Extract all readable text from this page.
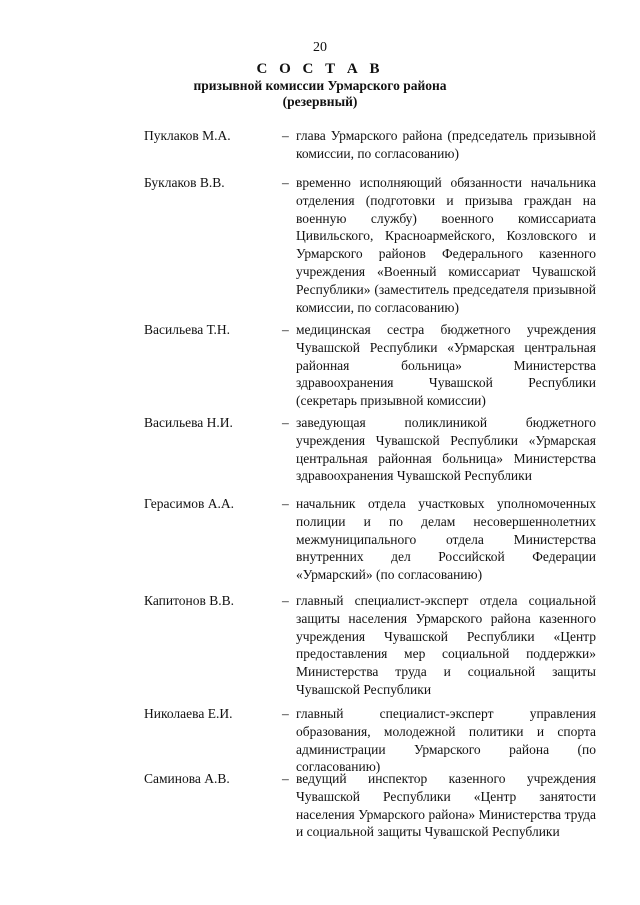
20
С О С Т А В
призывной комиссии Урмарского района
(резервный)
Пуклаков М.А.	– глава Урмарского района (председатель призывной комиссии, по согласованию)
Буклаков В.В.	– временно исполняющий обязанности начальника отделения (подготовки и призыва граждан на военную службу) военного комиссариата Цивильского, Красноармейского, Козловского и Урмарского районов Федерального казенного учреждения «Военный комиссариат Чувашской Республики» (заместитель председателя призывной комиссии, по согласованию)
Васильева Т.Н.	– медицинская сестра бюджетного учреждения Чувашской Республики «Урмарская центральная районная больница» Министерства здравоохранения Чувашской Республики (секретарь призывной комиссии)
Васильева Н.И.	– заведующая поликлиникой бюджетного учреждения Чувашской Республики «Урмарская центральная районная больница» Министерства здравоохранения Чувашской Республики
Герасимов А.А.	– начальник отдела участковых уполномоченных полиции и по делам несовершеннолетних межмуниципального отдела Министерства внутренних дел Российской Федерации «Урмарский» (по согласованию)
Капитонов В.В.	– главный специалист-эксперт отдела социальной защиты населения Урмарского района казенного учреждения Чувашской Республики «Центр предоставления мер социальной поддержки» Министерства труда и социальной защиты Чувашской Республики
Николаева Е.И.	– главный специалист-эксперт управления образования, молодежной политики и спорта администрации Урмарского района (по согласованию)
Саминова А.В.	– ведущий инспектор казенного учреждения Чувашской Республики «Центр занятости населения Урмарского района» Министерства труда и социальной защиты Чувашской Республики
